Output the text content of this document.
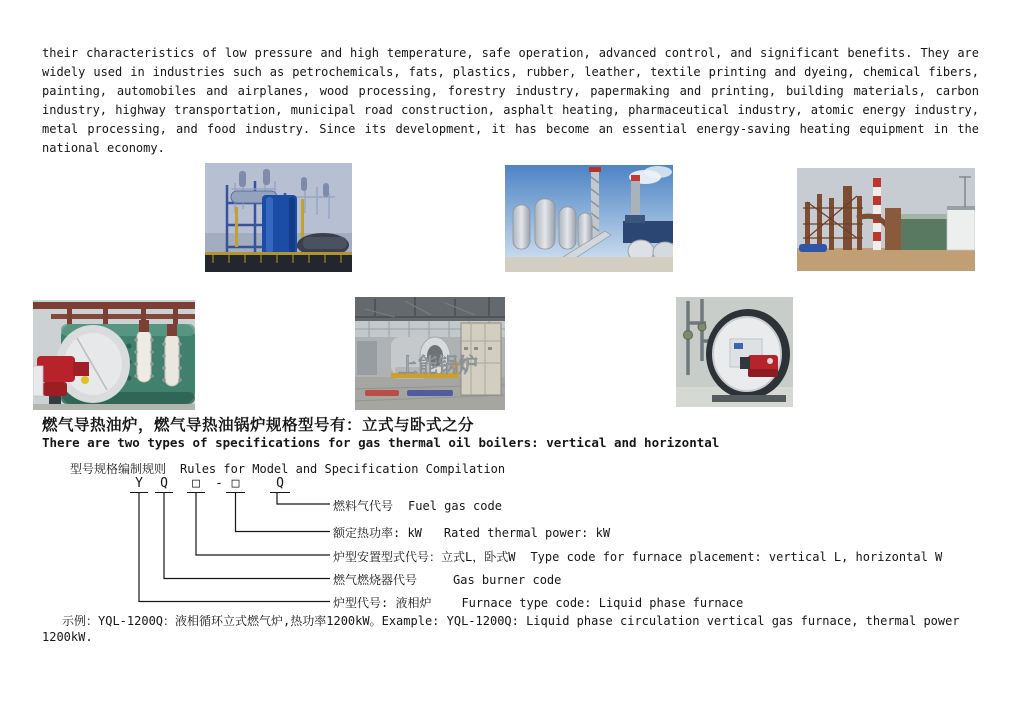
their characteristics of low pressure and high temperature, safe operation, advanced control, and significant benefits. They are
widely used in industries such as petrochemicals, fats, plastics, rubber, leather, textile printing and dyeing, chemical fibers,
painting, automobiles and airplanes, wood processing, forestry industry, papermaking and printing, building materials, carbon
industry, highway transportation, municipal road construction, asphalt heating, pharmaceutical industry, atomic energy industry,
metal processing, and food industry. Since its development, it has become an essential energy-saving heating equipment in the
national economy.
上能锅炉
燃气导热油炉，燃气导热油锅炉规格型号有：立式与卧式之分
There are two types of specifications for gas thermal oil boilers: vertical and horizontal
型号规格编制规则 Rules for Model and Specification Compilation
Y	Q	□	- □	Q
燃料气代号 Fuel gas code
额定热功率: kW Rated thermal power: kW
炉型安置型式代号：立式L，卧式W Type code for furnace placement: vertical L, horizontal W
燃气燃烧器代号	Gas burner code
炉型代号: 液相炉	Furnace type code: Liquid phase furnace
示例：YQL-1200Q：液相循环立式燃气炉,热功率1200kW。Example: YQL-1200Q: Liquid phase circulation vertical gas furnace, thermal power
1200kW.
